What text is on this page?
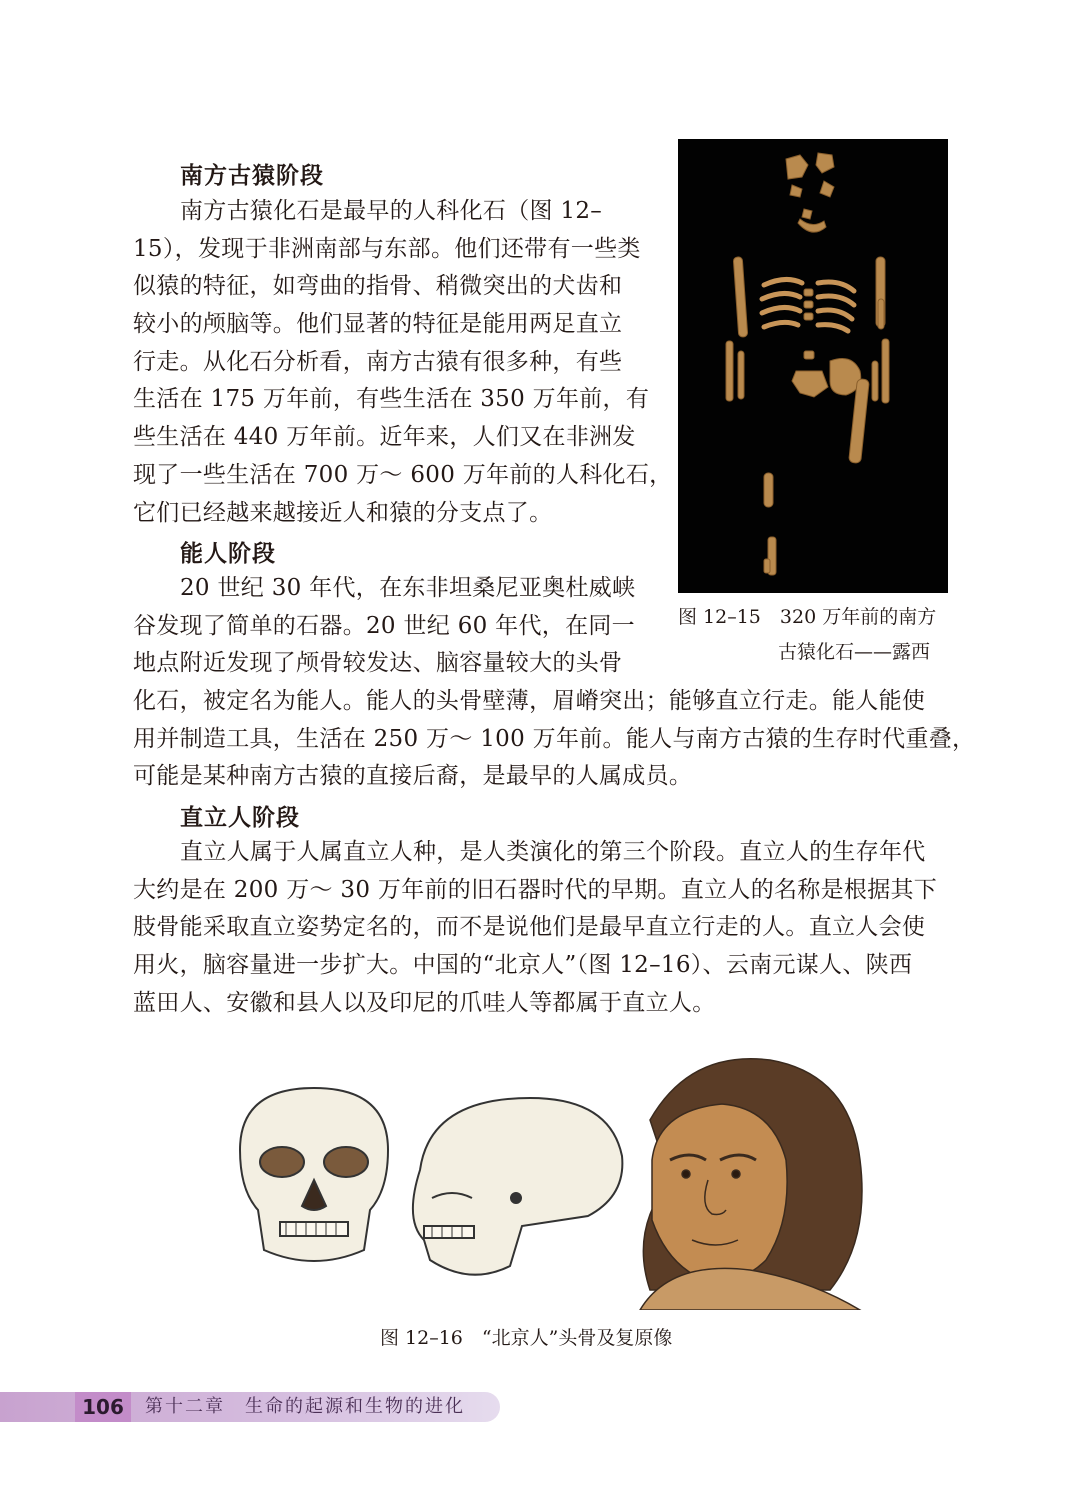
南方古猿阶段
南方古猿化石是最早的人科化石（图 12–
15），发现于非洲南部与东部。他们还带有一些类
似猿的特征，如弯曲的指骨、稍微突出的犬齿和
较小的颅脑等。他们显著的特征是能用两足直立
行走。从化石分析看，南方古猿有很多种，有些
生活在 175 万年前，有些生活在 350 万年前，有
些生活在 440 万年前。近年来，人们又在非洲发
现了一些生活在 700 万～ 600 万年前的人科化石，
它们已经越来越接近人和猿的分支点了。
能人阶段
20 世纪 30 年代，在东非坦桑尼亚奥杜威峡
谷发现了简单的石器。20 世纪 60 年代，在同一
地点附近发现了颅骨较发达、脑容量较大的头骨
化石，被定名为能人。能人的头骨壁薄，眉嵴突出；能够直立行走。能人能使
用并制造工具，生活在 250 万～ 100 万年前。能人与南方古猿的生存时代重叠，
可能是某种南方古猿的直接后裔，是最早的人属成员。
直立人阶段
直立人属于人属直立人种，是人类演化的第三个阶段。直立人的生存年代
大约是在 200 万～ 30 万年前的旧石器时代的早期。直立人的名称是根据其下
肢骨能采取直立姿势定名的，而不是说他们是最早直立行走的人。直立人会使
用火，脑容量进一步扩大。中国的“北京人”（图 12–16）、云南元谋人、陕西
蓝田人、安徽和县人以及印尼的爪哇人等都属于直立人。
图 12–15　320 万年前的南方
古猿化石——露西
图 12–16　“北京人”头骨及复原像
106	第十二章　生命的起源和生物的进化
